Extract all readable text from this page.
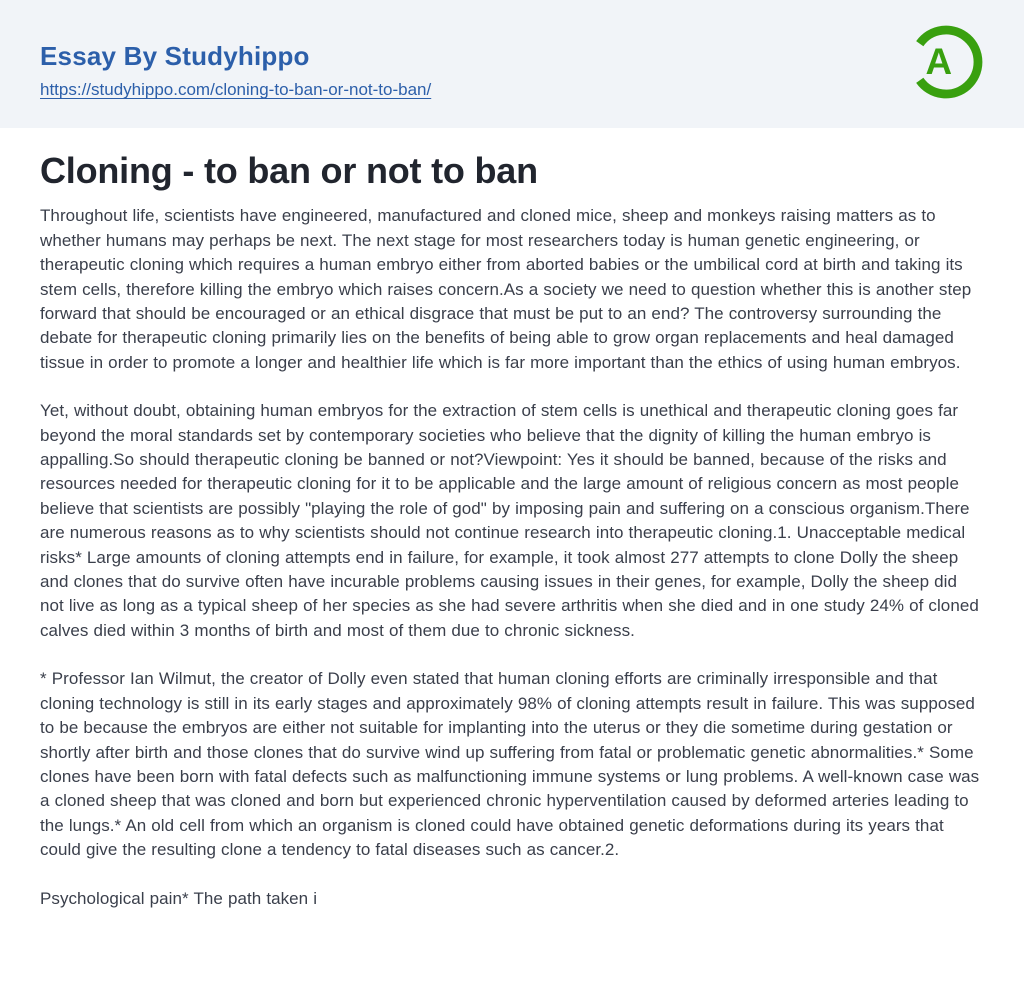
Essay By Studyhippo
https://studyhippo.com/cloning-to-ban-or-not-to-ban/
A
Cloning - to ban or not to ban

Throughout life, scientists have engineered, manufactured and cloned mice, sheep and monkeys raising matters as to whether humans may perhaps be next. The next stage for most researchers today is human genetic engineering, or therapeutic cloning which requires a human embryo either from aborted babies or the umbilical cord at birth and taking its stem cells, therefore killing the embryo which raises concern.As a society we need to question whether this is another step forward that should be encouraged or an ethical disgrace that must be put to an end? The controversy surrounding the debate for therapeutic cloning primarily lies on the benefits of being able to grow organ replacements and heal damaged tissue in order to promote a longer and healthier life which is far more important than the ethics of using human embryos.

Yet, without doubt, obtaining human embryos for the extraction of stem cells is unethical and therapeutic cloning goes far beyond the moral standards set by contemporary societies who believe that the dignity of killing the human embryo is appalling.So should therapeutic cloning be banned or not?Viewpoint: Yes it should be banned, because of the risks and resources needed for therapeutic cloning for it to be applicable and the large amount of religious concern as most people believe that scientists are possibly "playing the role of god" by imposing pain and suffering on a conscious organism.There are numerous reasons as to why scientists should not continue research into therapeutic cloning.1. Unacceptable medical risks* Large amounts of cloning attempts end in failure, for example, it took almost 277 attempts to clone Dolly the sheep and clones that do survive often have incurable problems causing issues in their genes, for example, Dolly the sheep did not live as long as a typical sheep of her species as she had severe arthritis when she died and in one study 24% of cloned calves died within 3 months of birth and most of them due to chronic sickness.

* Professor Ian Wilmut, the creator of Dolly even stated that human cloning efforts are criminally irresponsible and that cloning technology is still in its early stages and approximately 98% of cloning attempts result in failure. This was supposed to be because the embryos are either not suitable for implanting into the uterus or they die sometime during gestation or shortly after birth and those clones that do survive wind up suffering from fatal or problematic genetic abnormalities.* Some clones have been born with fatal defects such as malfunctioning immune systems or lung problems. A well-known case was a cloned sheep that was cloned and born but experienced chronic hyperventilation caused by deformed arteries leading to the lungs.* An old cell from which an organism is cloned could have obtained genetic deformations during its years that could give the resulting clone a tendency to fatal diseases such as cancer.2.

Psychological pain* The path taken i
